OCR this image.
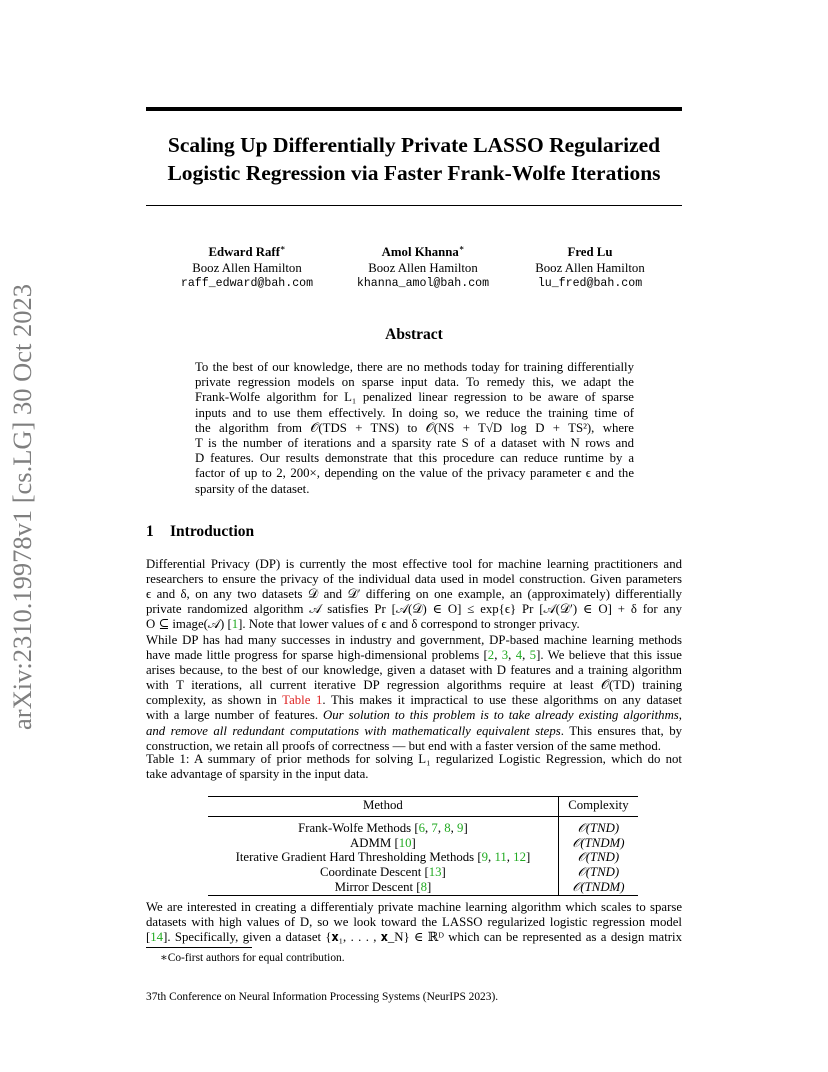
arXiv:2310.19978v1 [cs.LG] 30 Oct 2023
Scaling Up Differentially Private LASSO Regularized
Logistic Regression via Faster Frank-Wolfe Iterations
Edward Raff∗
Booz Allen Hamilton
raff_edward@bah.com
Amol Khanna∗
Booz Allen Hamilton
khanna_amol@bah.com
Fred Lu
Booz Allen Hamilton
lu_fred@bah.com
Abstract
To the best of our knowledge, there are no methods today for training differentially
private regression models on sparse input data. To remedy this, we adapt the
Frank-Wolfe algorithm for L₁ penalized linear regression to be aware of sparse
inputs and to use them effectively. In doing so, we reduce the training time of
the algorithm from 𝒪(TDS + TNS) to 𝒪(NS + T√D log D + TS²), where
T is the number of iterations and a sparsity rate S of a dataset with N rows and
D features. Our results demonstrate that this procedure can reduce runtime by a
factor of up to 2, 200×, depending on the value of the privacy parameter ϵ and the
sparsity of the dataset.
1 Introduction
Differential Privacy (DP) is currently the most effective tool for machine learning practitioners and
researchers to ensure the privacy of the individual data used in model construction. Given parameters
ϵ and δ, on any two datasets 𝒟 and 𝒟′ differing on one example, an (approximately) differentially
private randomized algorithm 𝒜 satisfies Pr [𝒜(𝒟) ∈ O] ≤ exp{ϵ} Pr [𝒜(𝒟′) ∈ O] + δ for any
O ⊆ image(𝒜) [1]. Note that lower values of ϵ and δ correspond to stronger privacy.
While DP has had many successes in industry and government, DP-based machine learning methods
have made little progress for sparse high-dimensional problems [2, 3, 4, 5]. We believe that this issue
arises because, to the best of our knowledge, given a dataset with D features and a training algorithm
with T iterations, all current iterative DP regression algorithms require at least 𝒪(TD) training
complexity, as shown in Table 1. This makes it impractical to use these algorithms on any dataset
with a large number of features. Our solution to this problem is to take already existing algorithms,
and remove all redundant computations with mathematically equivalent steps. This ensures that, by
construction, we retain all proofs of correctness — but end with a faster version of the same method.
Table 1: A summary of prior methods for solving L₁ regularized Logistic Regression, which do not
take advantage of sparsity in the input data.
Method	Complexity
Frank-Wolfe Methods [6, 7, 8, 9]	𝒪(TND)
ADMM [10]	𝒪(TNDM)
Iterative Gradient Hard Thresholding Methods [9, 11, 12]	𝒪(TND)
Coordinate Descent [13]	𝒪(TND)
Mirror Descent [8]	𝒪(TNDM)
We are interested in creating a differentialy private machine learning algorithm which scales to sparse
datasets with high values of D, so we look toward the LASSO regularized logistic regression model
[14]. Specifically, given a dataset {𝐱₁, . . . , 𝐱_N} ∈ ℝᴰ which can be represented as a design matrix
∗Co-first authors for equal contribution.
37th Conference on Neural Information Processing Systems (NeurIPS 2023).
